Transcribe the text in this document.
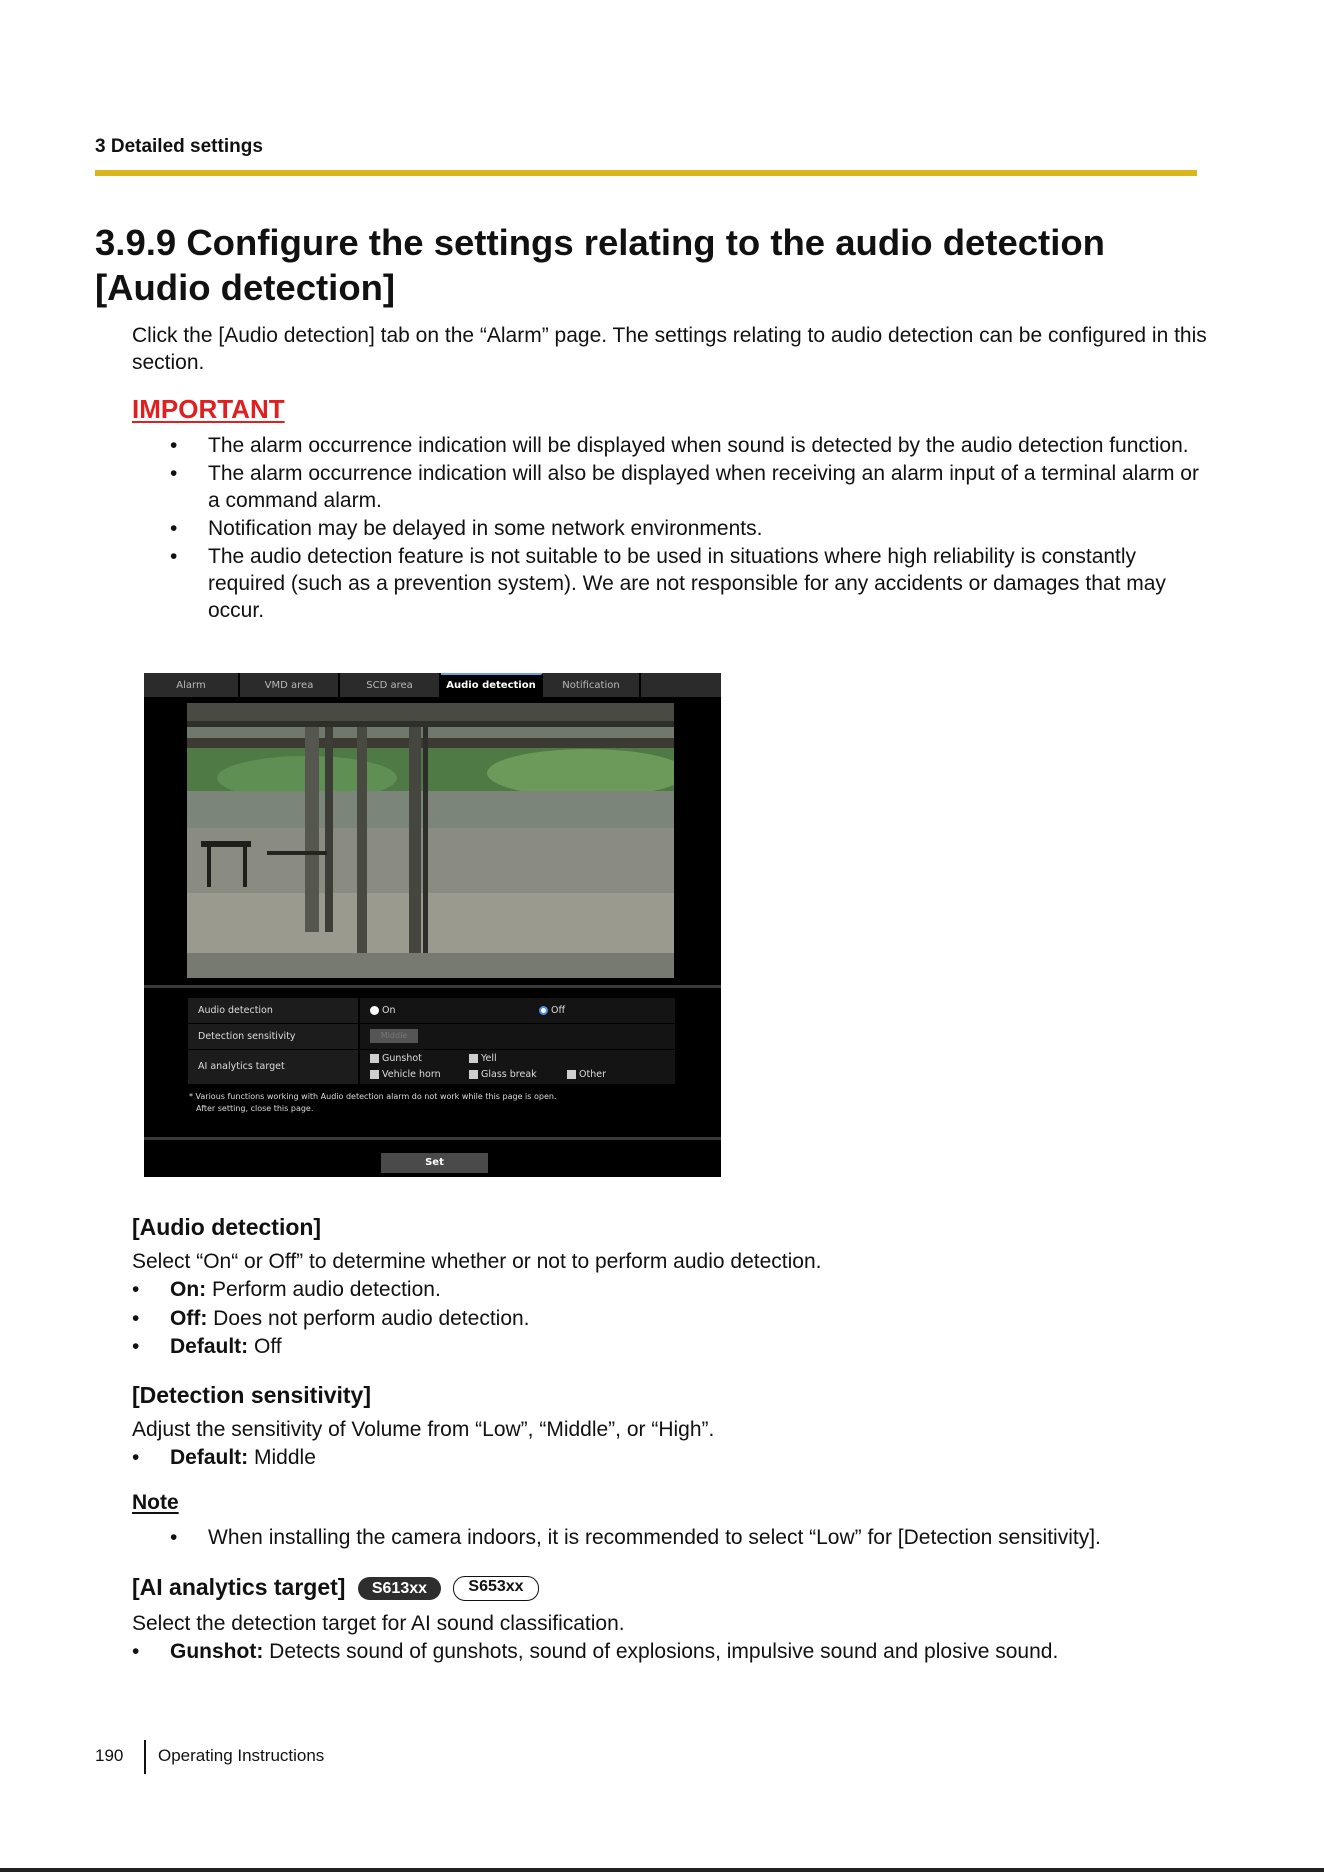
3 Detailed settings
3.9.9 Configure the settings relating to the audio detection [Audio detection]

Click the [Audio detection] tab on the “Alarm” page. The settings relating to audio detection can be configured in this section.

IMPORTANT
• The alarm occurrence indication will be displayed when sound is detected by the audio detection function.
• The alarm occurrence indication will also be displayed when receiving an alarm input of a terminal alarm or a command alarm.
• Notification may be delayed in some network environments.
• The audio detection feature is not suitable to be used in situations where high reliability is constantly required (such as a prevention system). We are not responsible for any accidents or damages that may occur.
Alarm	VMD area	SCD area	Audio detection	Notification
Audio detection	On	Off
Detection sensitivity	Middle
AI analytics target
Gunshot	Yell
Vehicle horn	Glass break	Other

* Various functions working with Audio detection alarm do not work while this page is open.
After setting, close this page.

Set
[Audio detection]

Select “On“ or Off” to determine whether or not to perform audio detection.

• On: Perform audio detection.
• Off: Does not perform audio detection.
• Default: Off
[Detection sensitivity]

Adjust the sensitivity of Volume from “Low”, “Middle”, or “High”.

• Default: Middle
Note
• When installing the camera indoors, it is recommended to select “Low” for [Detection sensitivity].
[AI analytics target] S613xx	S653xx

Select the detection target for AI sound classification.

• Gunshot: Detects sound of gunshots, sound of explosions, impulsive sound and plosive sound.
190 Operating Instructions
